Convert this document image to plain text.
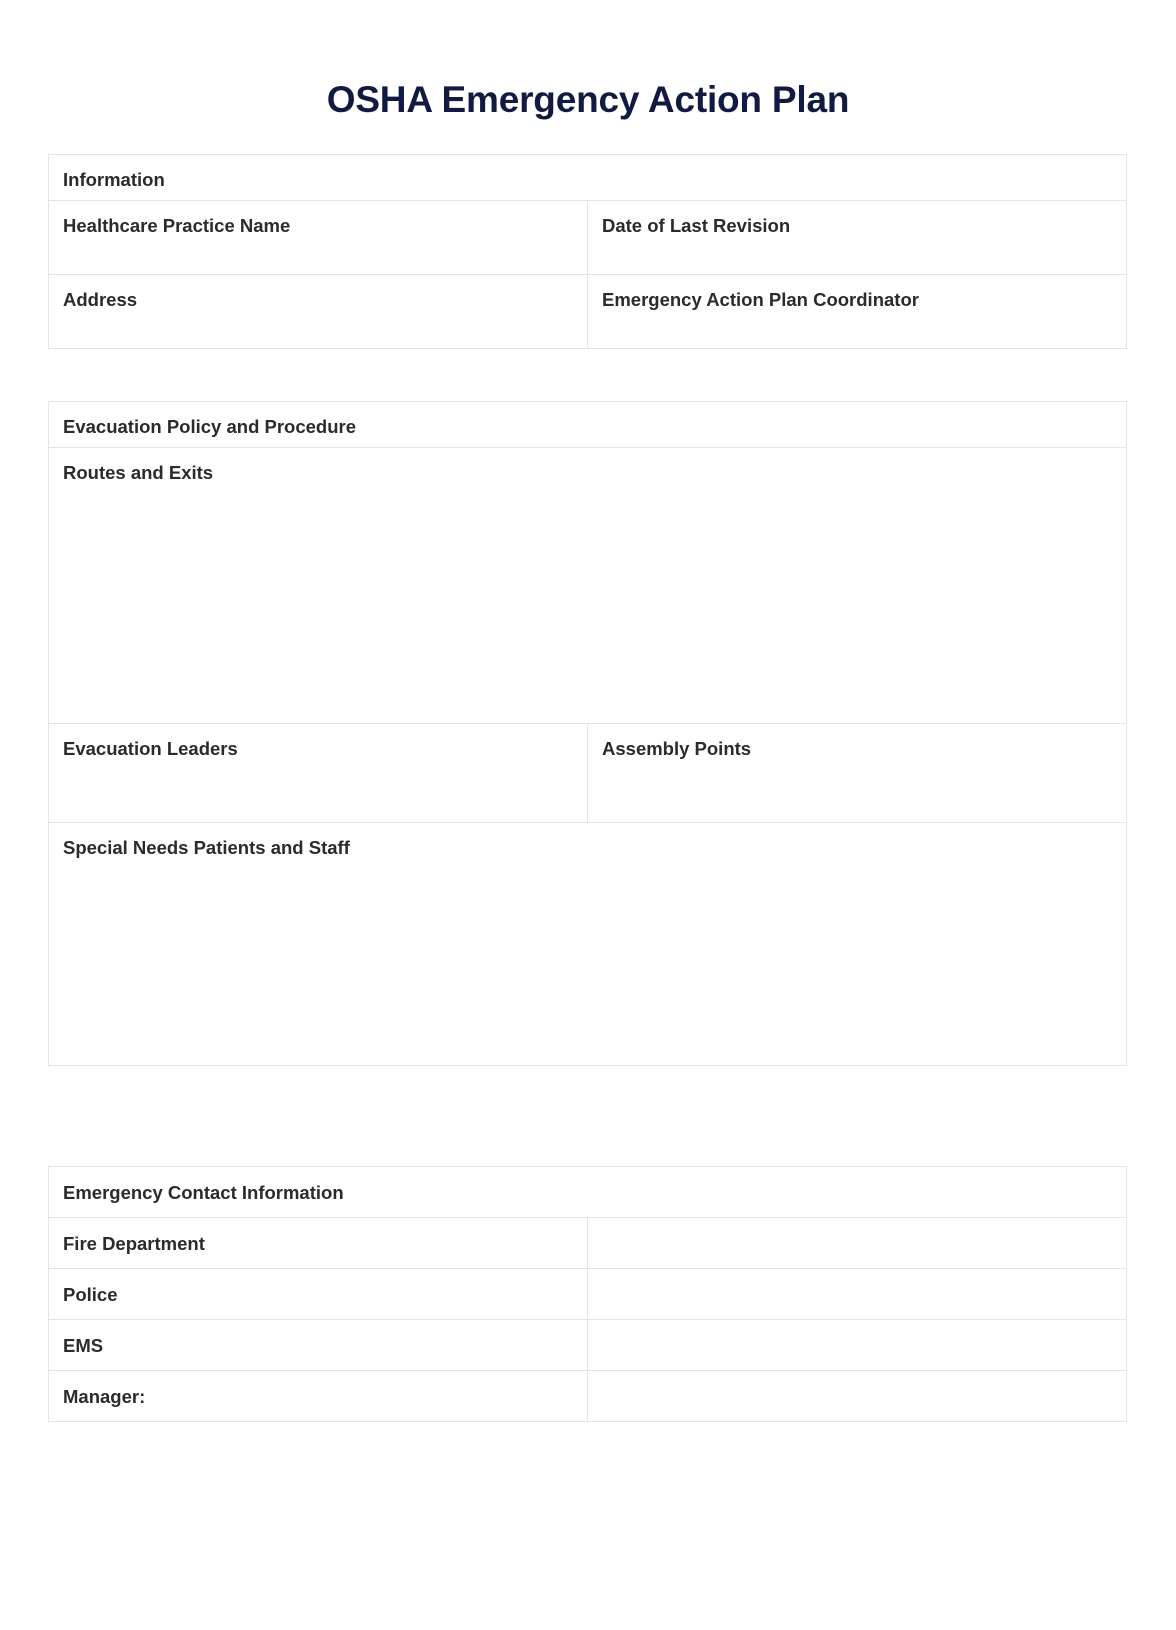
OSHA Emergency Action Plan
Information	
Healthcare Practice Name	Date of Last Revision
Address	Emergency Action Plan Coordinator
Evacuation Policy and Procedure
Routes and Exits
Evacuation Leaders	Assembly Points
Special Needs Patients and Staff
Emergency Contact Information	
Fire Department	
Police	
EMS	
Manager:	
